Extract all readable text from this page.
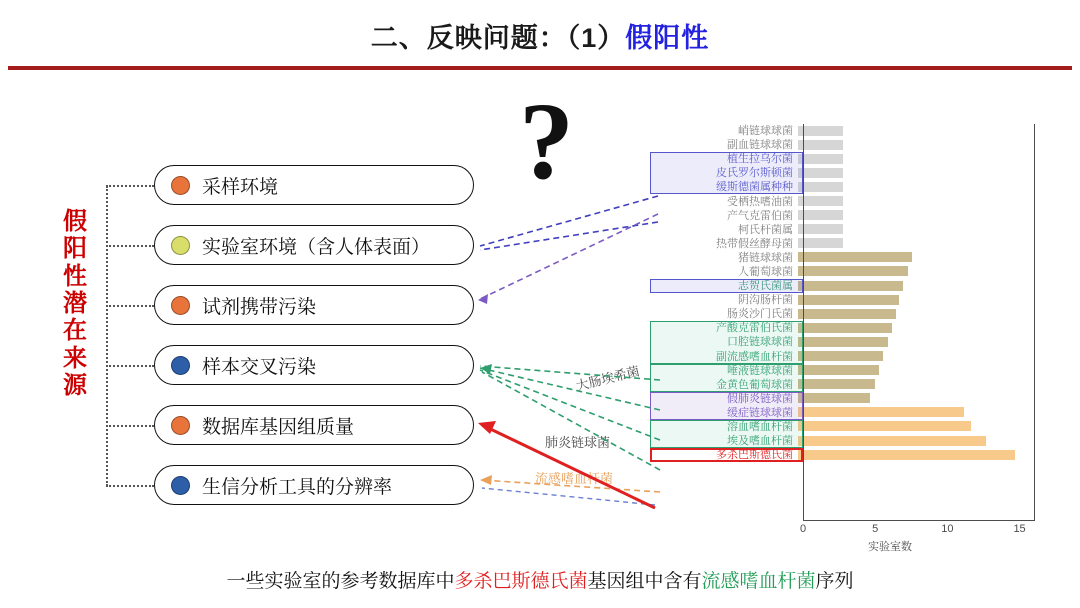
二、反映问题：（1）假阳性
假阳性潜在来源
?
采样环境
实验室环境（含人体表面）
试剂携带污染
样本交叉污染
数据库基因组质量
生信分析工具的分辨率
大肠埃希菌
肺炎链球菌
流感嗜血杆菌
峭链球球菌
副血链球球菌
植生拉乌尔菌
皮氏罗尔斯顿菌
缓斯德菌属种种
受栖热嗜油菌
产气克雷伯菌
柯氏杆菌属
热带假丝酵母菌
猪链球球菌
人葡萄球菌
志贺氏菌属
阴沟肠杆菌
肠炎沙门氏菌
产酸克雷伯氏菌
口腔链球球菌
副流感嗜血杆菌
唾液链球球菌
金黄色葡萄球菌
假肺炎链球菌
缓症链球球菌
溶血嗜血杆菌
埃及嗜血杆菌
多杀巴斯德氏菌
0	5	10	15
实验室数
一些实验室的参考数据库中多杀巴斯德氏菌基因组中含有流感嗜血杆菌序列
